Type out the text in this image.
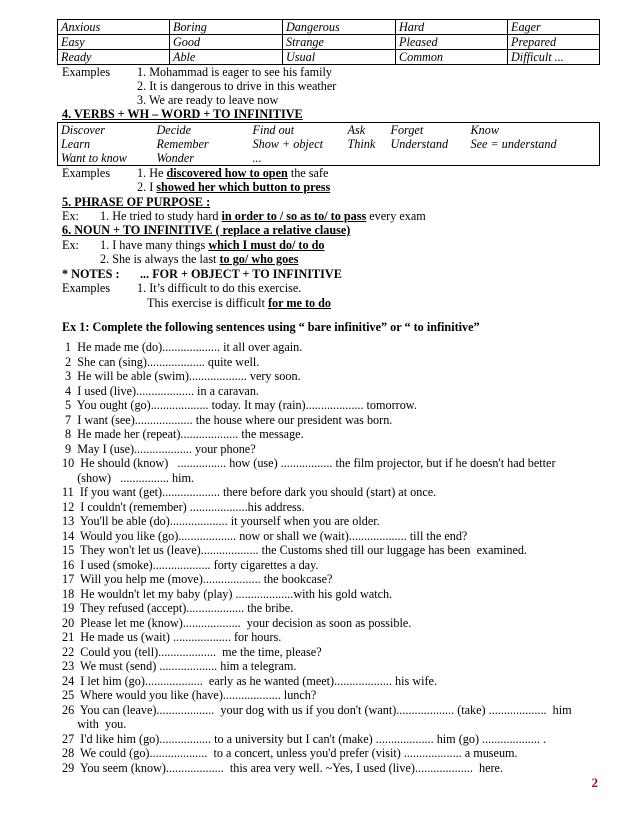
Anxious	Boring	Dangerous	Hard	Eager
Easy	Good	Strange	Pleased	Prepared
Ready	Able	Usual	Common	Difficult ...
Examples 1. Mohammad is eager to see his family
2. It is dangerous to drive in this weather
3. We are ready to leave now
4. VERBS + WH – WORD + TO INFINITIVE
Discover	Decide	Find out	Ask	Forget	Know
Learn	Remember	Show + object	Think	Understand	See = understand
Want to know	Wonder	...			
Examples 1. He discovered how to open the safe
2. I showed her which button to press
5. PHRASE OF PURPOSE :
Ex: 1. He tried to study hard in order to / so as to/ to pass every exam
6. NOUN + TO INFINITIVE ( replace a relative clause)
Ex: 1. I have many things which I must do/ to do
2. She is always the last to go/ who goes
* NOTES : ... FOR + OBJECT + TO INFINITIVE
Examples 1. It’s difficult to do this exercise.
This exercise is difficult for me to do
Ex 1: Complete the following sentences using “ bare infinitive” or “ to infinitive”
1  He made me (do)................... it all over again.
2  She can (sing)................... quite well.
3  He will be able (swim)................... very soon.
4  I used (live)................... in a caravan.
5  You ought (go)................... today. It may (rain)................... tomorrow.
7  I want (see)................... the house where our president was born.
8  He made her (repeat)................... the message.
9  May I (use)................... your phone?
10  He should (know)   ................ how (use) ................. the film projector, but if he doesn't had better
(show)   ................ him.
11  If you want (get)................... there before dark you should (start) at once.
12  I couldn't (remember) ...................his address.
13  You'll be able (do)................... it yourself when you are older.
14  Would you like (go)................... now or shall we (wait)................... till the end?
15  They won't let us (leave)................... the Customs shed till our luggage has been  examined.
16  I used (smoke)................... forty cigarettes a day.
17  Will you help me (move)................... the bookcase?
18  He wouldn't let my baby (play) ...................with his gold watch.
19  They refused (accept)................... the bribe.
20  Please let me (know)...................  your decision as soon as possible.
21  He made us (wait) ................... for hours.
22  Could you (tell)...................  me the time, please?
23  We must (send) ................... him a telegram.
24  I let him (go)...................  early as he wanted (meet)................... his wife.
25  Where would you like (have)................... lunch?
26  You can (leave)...................  your dog with us if you don't (want)................... (take) ...................  him
with  you.
27  I'd like him (go)................. to a university but I can't (make) ................... him (go) ................... .
28  We could (go)...................  to a concert, unless you'd prefer (visit) ................... a museum.
29  You seem (know)...................  this area very well. ~Yes, I used (live)...................  here.
2
